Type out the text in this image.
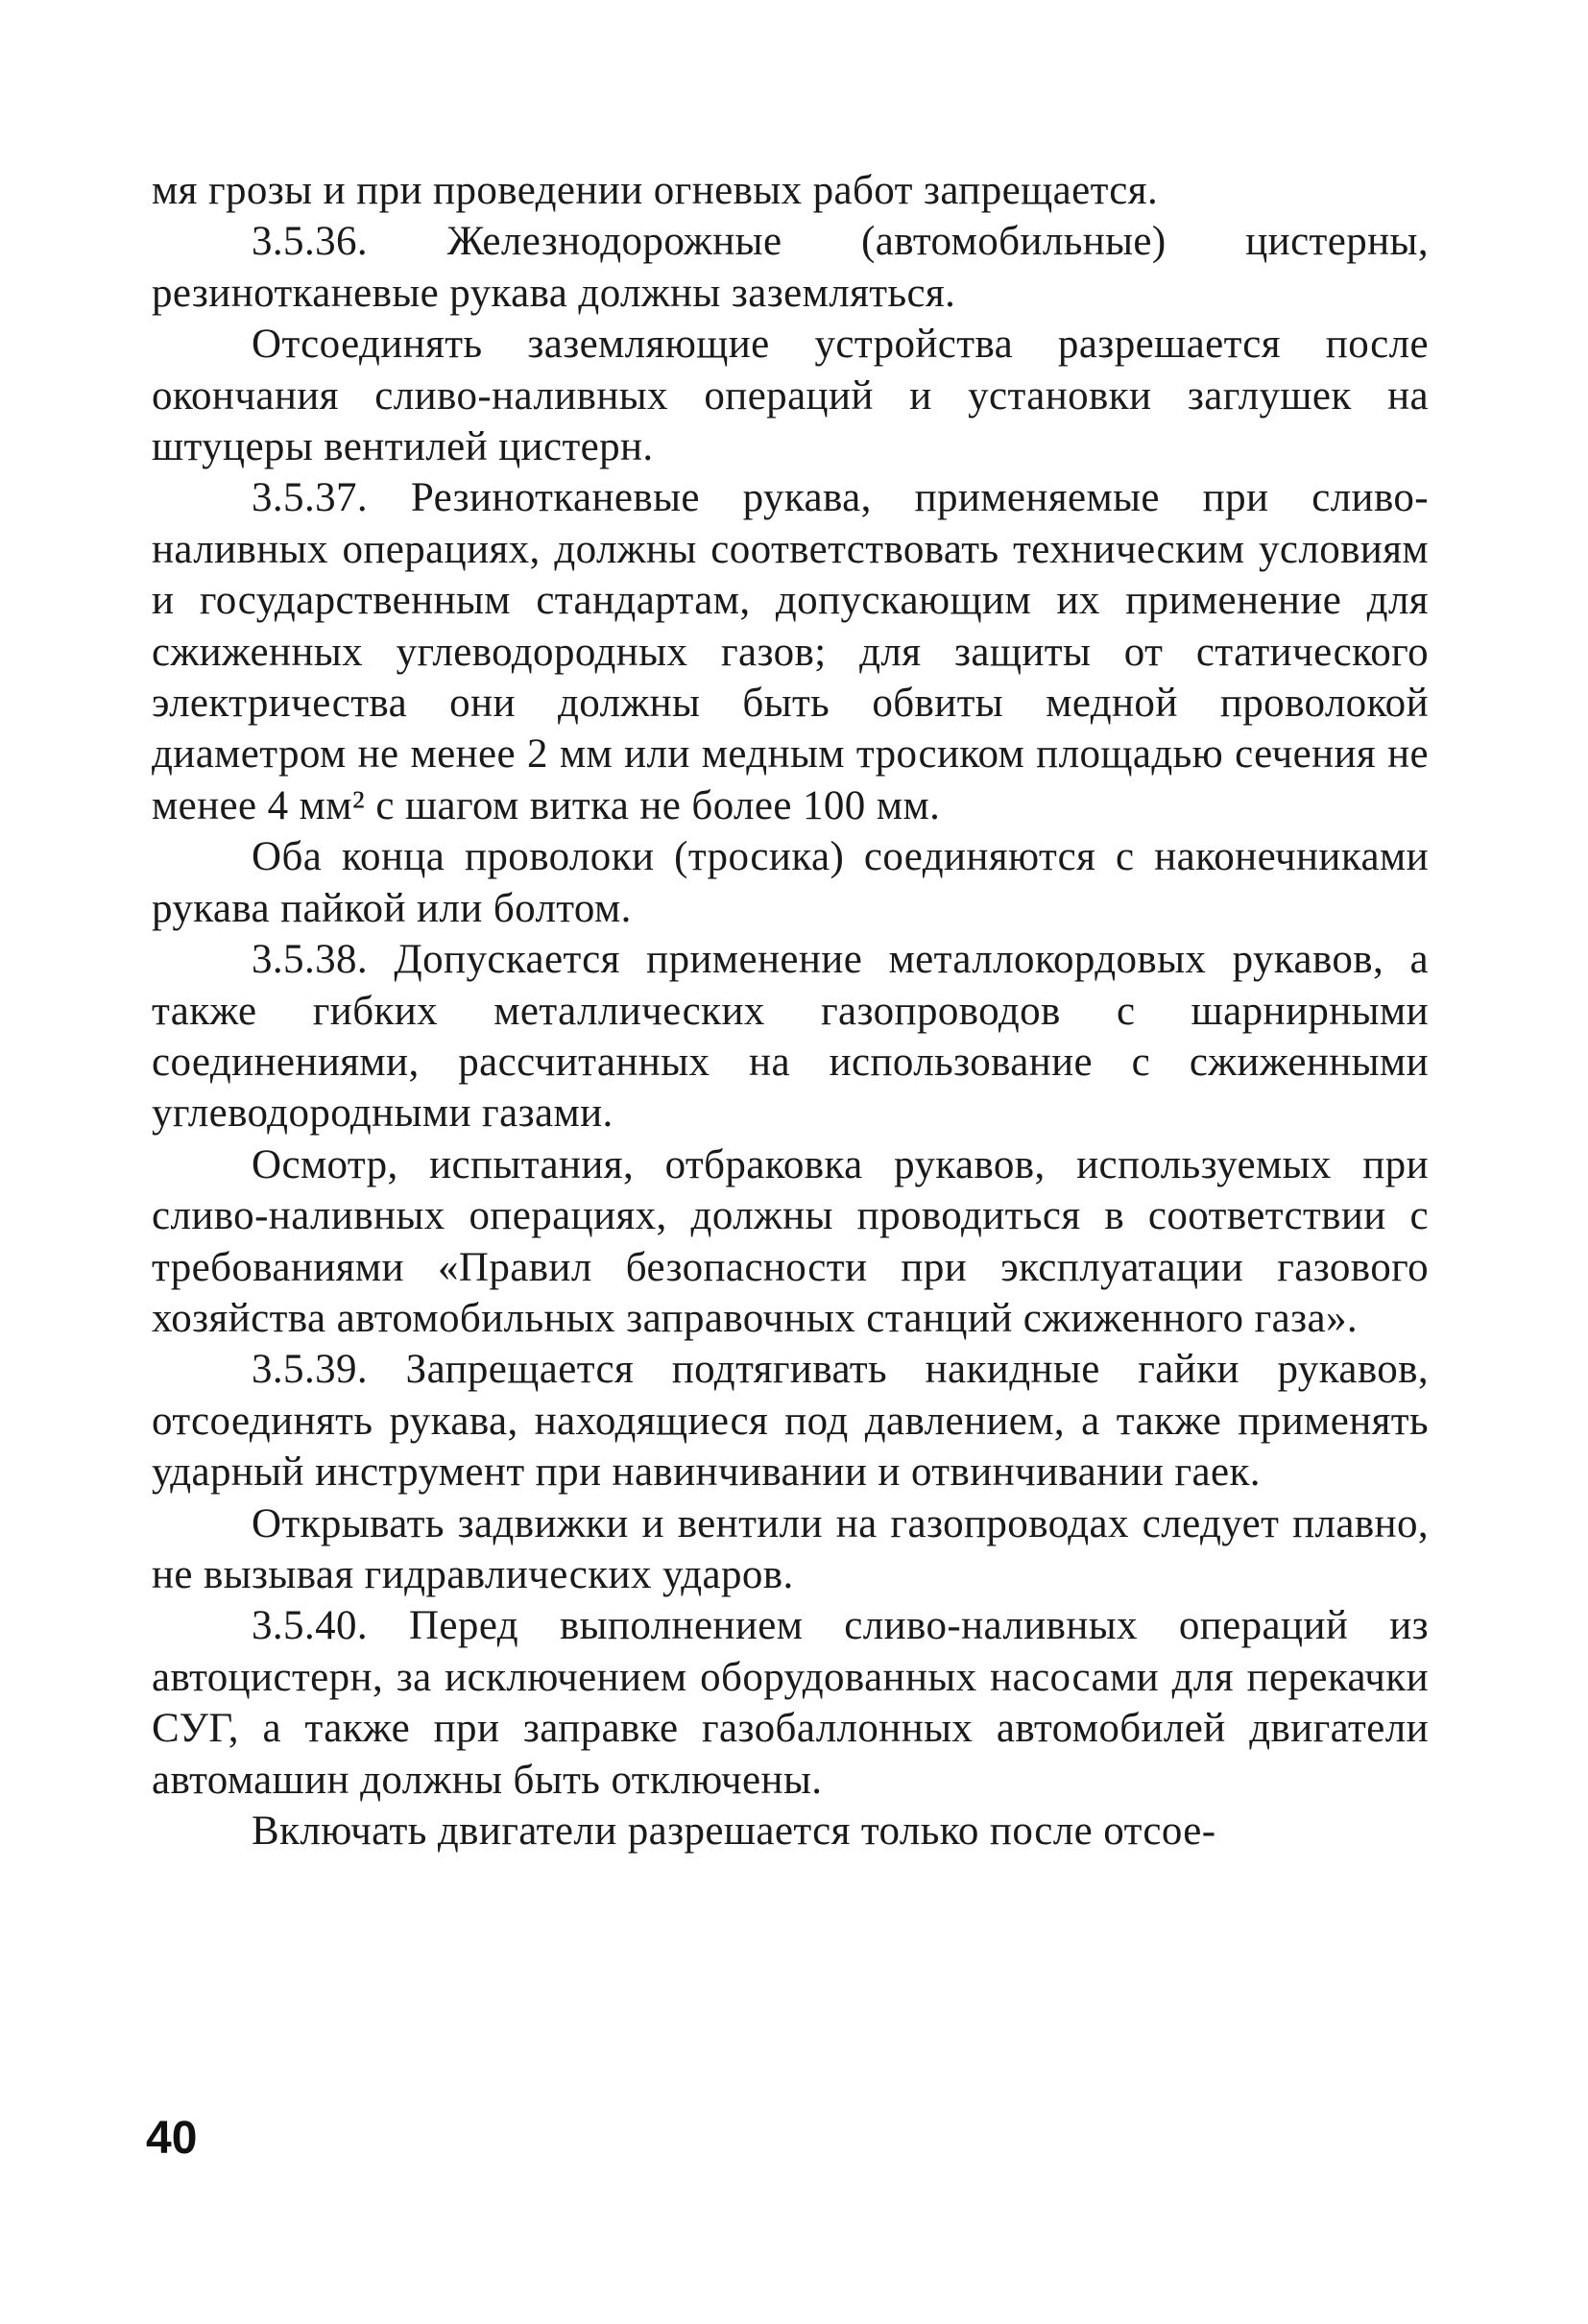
мя грозы и при проведении огневых работ запрещается.

3.5.36. Железнодорожные (автомобильные) цистерны, резинотканевые рукава должны заземляться.

Отсоединять заземляющие устройства разрешается после окончания сливо-наливных операций и установки заглушек на штуцеры вентилей цистерн.

3.5.37. Резинотканевые рукава, применяемые при сливо-наливных операциях, должны соответствовать техническим условиям и государственным стандартам, допускающим их применение для сжиженных углеводородных газов; для защиты от статического электричества они должны быть обвиты медной проволокой диаметром не менее 2 мм или медным тросиком площадью сечения не менее 4 мм² с шагом витка не более 100 мм.

Оба конца проволоки (тросика) соединяются с наконечниками рукава пайкой или болтом.

3.5.38. Допускается применение металлокордовых рукавов, а также гибких металлических газопроводов с шарнирными соединениями, рассчитанных на использование с сжиженными углеводородными газами.

Осмотр, испытания, отбраковка рукавов, используемых при сливо-наливных операциях, должны проводиться в соответствии с требованиями «Правил безопасности при эксплуатации газового хозяйства автомобильных заправочных станций сжиженного газа».

3.5.39. Запрещается подтягивать накидные гайки рукавов, отсоединять рукава, находящиеся под давлением, а также применять ударный инструмент при навинчивании и отвинчивании гаек.

Открывать задвижки и вентили на газопроводах следует плавно, не вызывая гидравлических ударов.

3.5.40. Перед выполнением сливо-наливных операций из автоцистерн, за исключением оборудованных насосами для перекачки СУГ, а также при заправке газобаллонных автомобилей двигатели автомашин должны быть отключены.

Включать двигатели разрешается только после отсое-

40
